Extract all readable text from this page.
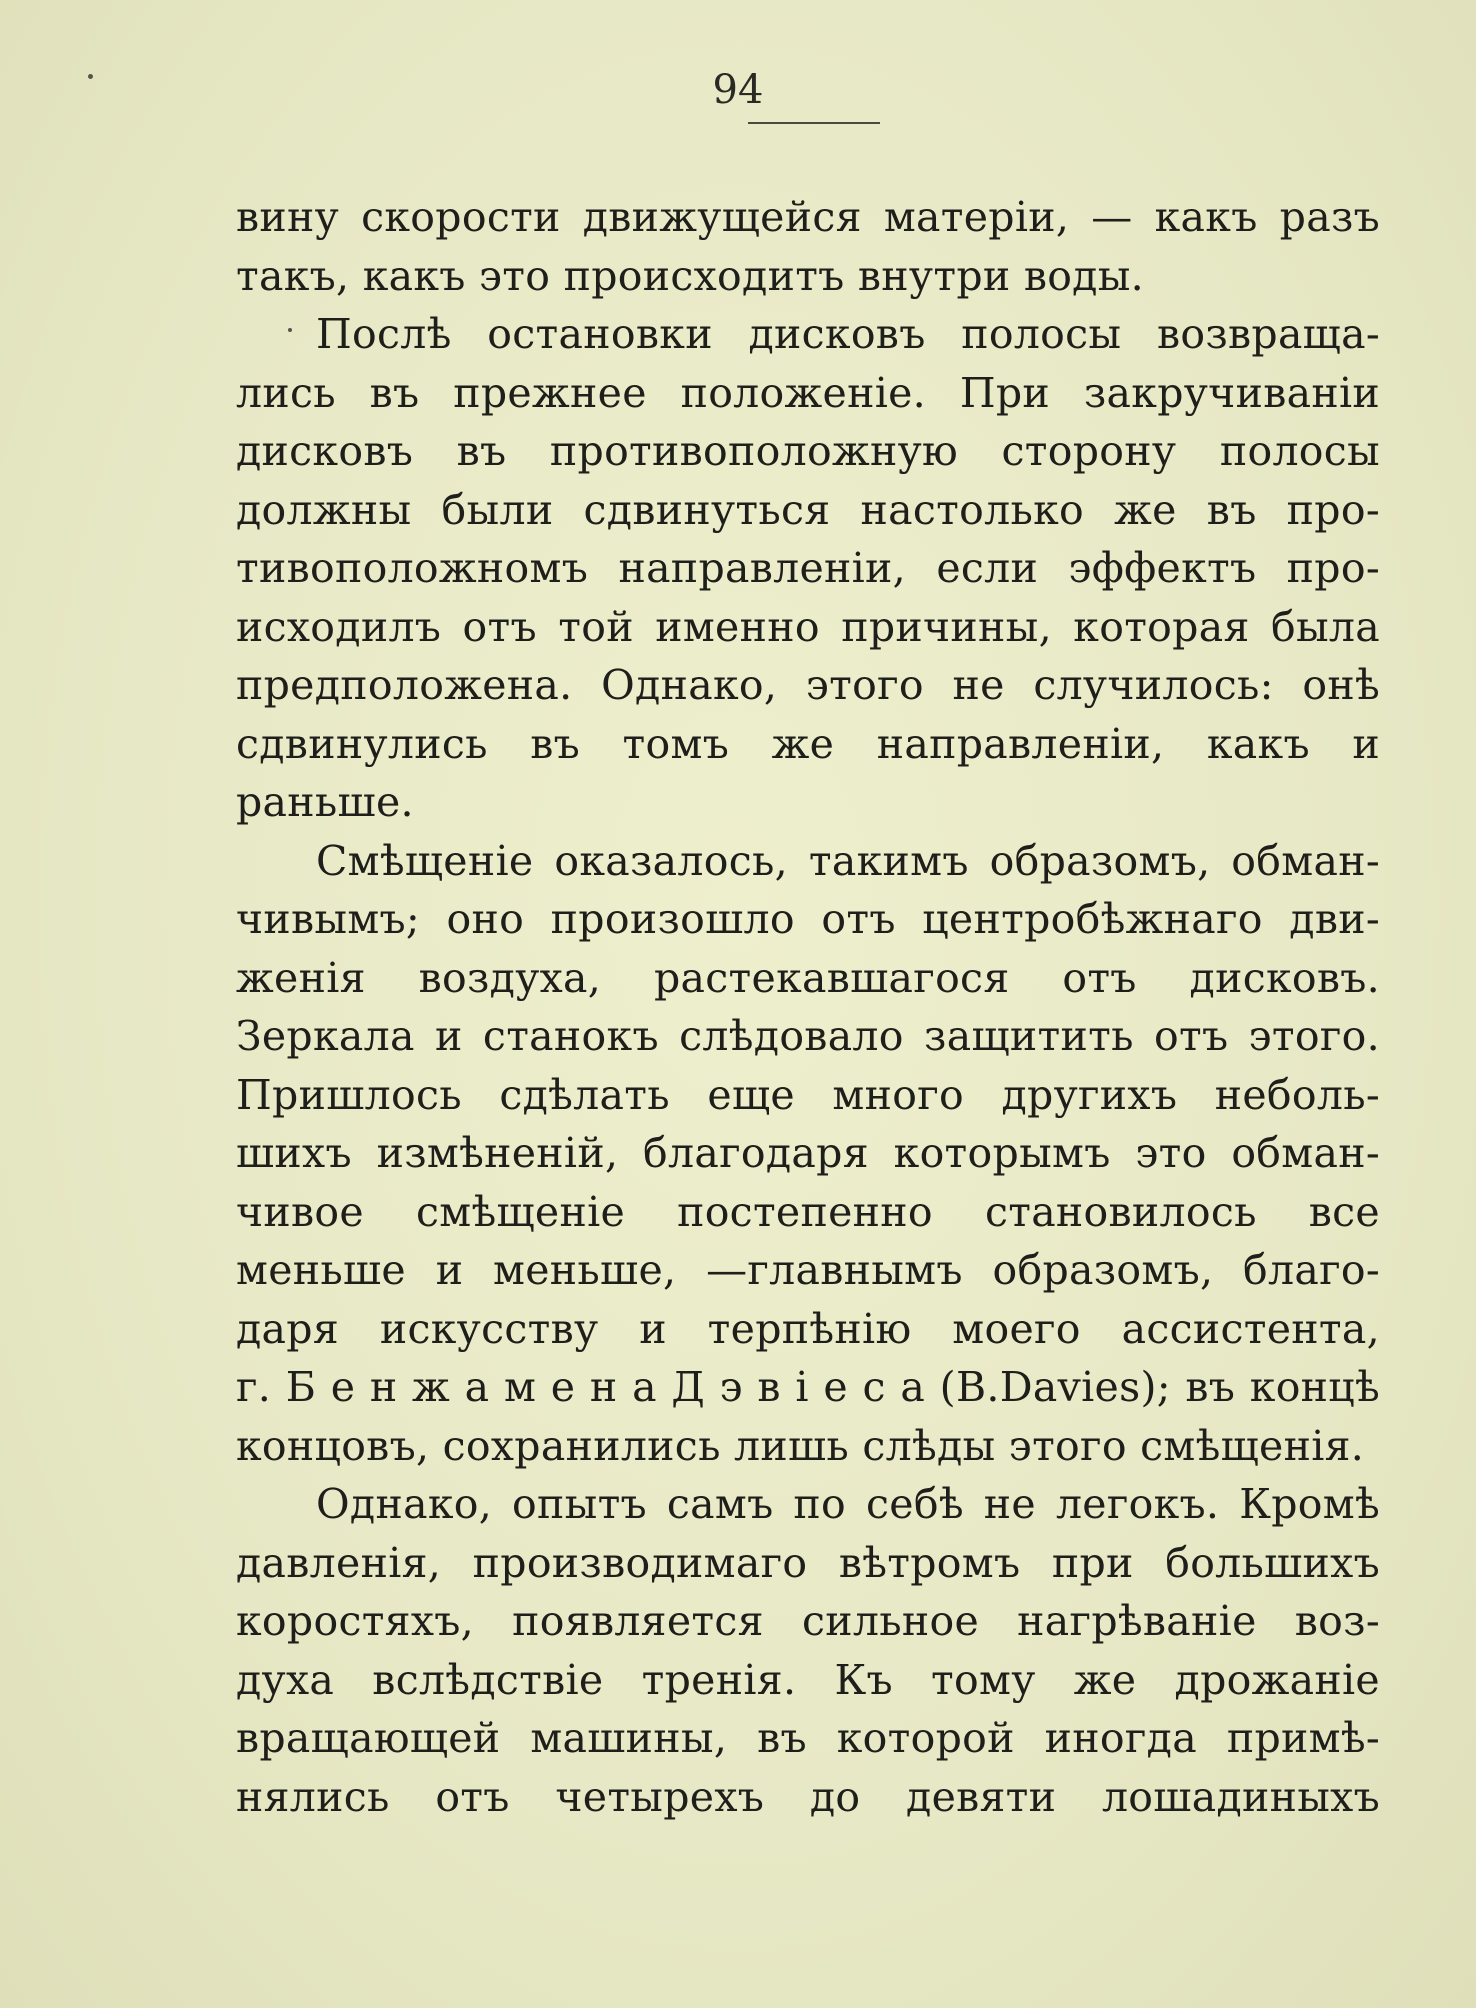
94
вину скорости движущейся матеріи, — какъ разъ
такъ, какъ это происходитъ внутри воды.
Послѣ остановки дисковъ полосы возвраща-
лись въ прежнее положеніе. При закручиваніи
дисковъ въ противоположную сторону полосы
должны были сдвинуться настолько же въ про-
тивоположномъ направленіи, если эффектъ про-
исходилъ отъ той именно причины, которая была
предположена. Однако, этого не случилось: онѣ
сдвинулись въ томъ же направленіи, какъ и
раньше.
Смѣщеніе оказалось, такимъ образомъ, обман-
чивымъ; оно произошло отъ центробѣжнаго дви-
женія воздуха, растекавшагося отъ дисковъ.
Зеркала и станокъ слѣдовало защитить отъ этого.
Пришлось сдѣлать еще много другихъ неболь-
шихъ измѣненій, благодаря которымъ это обман-
чивое смѣщеніе постепенно становилось все
меньше и меньше, —главнымъ образомъ, благо-
даря искусству и терпѣнію моего ассистента,
г. Б е н ж а м е н а Д э в і е с а (B.Davies); въ концѣ
концовъ, сохранились лишь слѣды этого смѣщенія.
Однако, опытъ самъ по себѣ не легокъ. Кромѣ
давленія, производимаго вѣтромъ при большихъ
коростяхъ, появляется сильное нагрѣваніе воз-
духа вслѣдствіе тренія. Къ тому же дрожаніе
вращающей машины, въ которой иногда примѣ-
нялись отъ четырехъ до девяти лошадиныхъ
